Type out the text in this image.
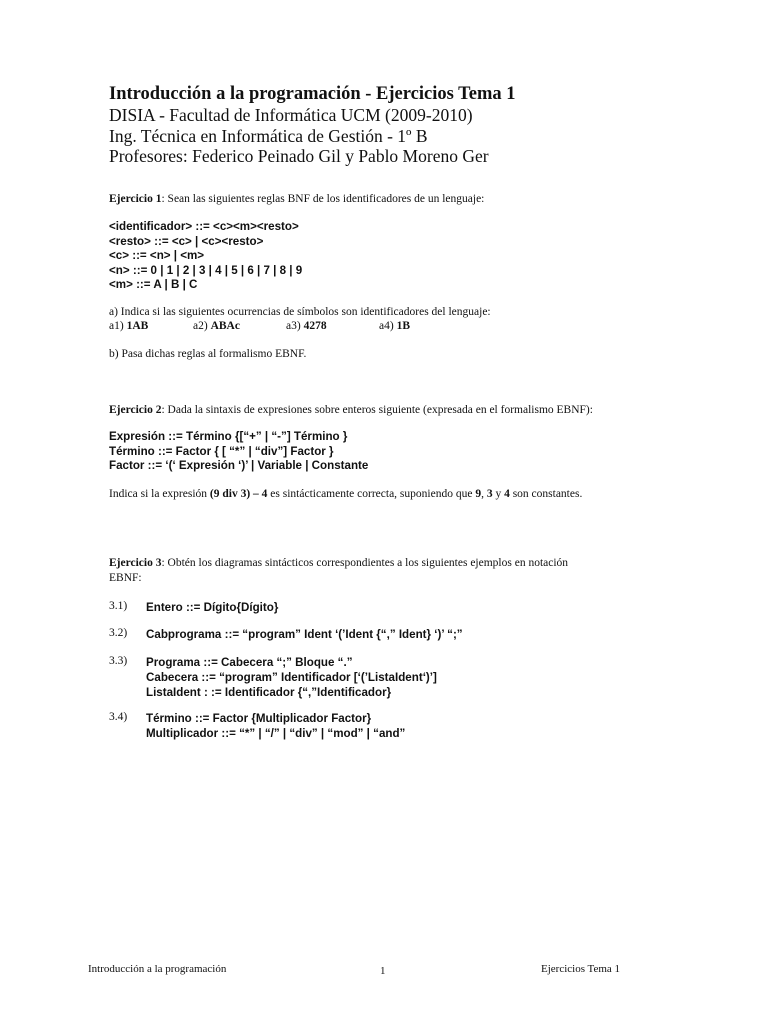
Introducción a la programación - Ejercicios Tema 1
DISIA - Facultad de Informática UCM (2009-2010)
Ing. Técnica en Informática de Gestión - 1º B
Profesores: Federico Peinado Gil y Pablo Moreno Ger
Ejercicio 1: Sean las siguientes reglas BNF de los identificadores de un lenguaje:
<identificador> ::= <c><m><resto>
<resto> ::= <c> | <c><resto>
<c> ::= <n> | <m>
<n> ::= 0 | 1 | 2 | 3 | 4 | 5 | 6 | 7 | 8 | 9
<m> ::= A | B | C
a) Indica si las siguientes ocurrencias de símbolos son identificadores del lenguaje:
a1) 1AB	a2) ABAc	a3) 4278	a4) 1B
b) Pasa dichas reglas al formalismo EBNF.
Ejercicio 2: Dada la sintaxis de expresiones sobre enteros siguiente (expresada en el formalismo EBNF):
Expresión ::= Término {[“+” | “-”] Término }
Término ::= Factor { [ “*” | “div”] Factor }
Factor ::= ‘(‘ Expresión ‘)’ | Variable | Constante
Indica si la expresión (9 div 3) – 4 es sintácticamente correcta, suponiendo que 9, 3 y 4 son constantes.
Ejercicio 3: Obtén los diagramas sintácticos correspondientes a los siguientes ejemplos en notación
EBNF:
3.1) Entero ::= Dígito{Dígito}
3.2) Cabprograma ::= “program” Ident ‘(’Ident {“,” Ident} ‘)’ “;”
3.3) Programa ::= Cabecera “;” Bloque “.”
Cabecera ::= “program” Identificador [‘(’ListaIdent‘)’]
ListaIdent : := Identificador {“,”Identificador}
3.4) Término ::= Factor {Multiplicador Factor}
Multiplicador ::= “*” | “/” | “div” | “mod” | “and”
Introducción a la programación	1	Ejercicios Tema 1
